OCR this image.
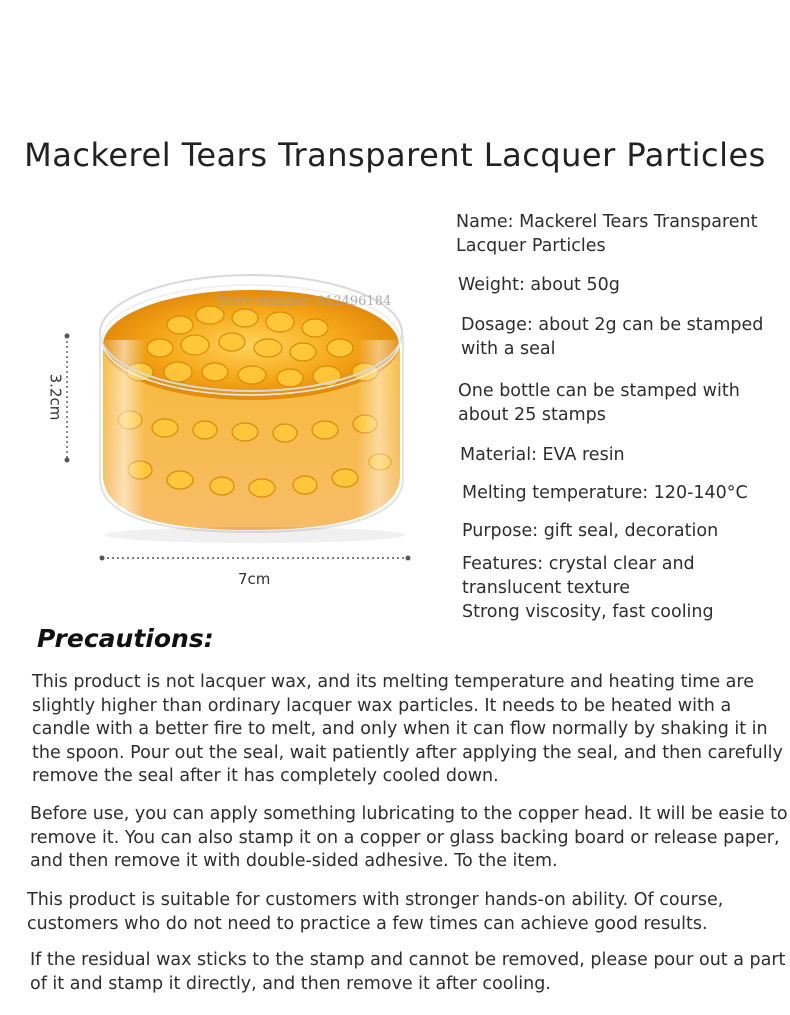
Mackerel Tears Transparent Lacquer Particles
Store number: 912496184
3.2cm
7cm
Name: Mackerel Tears Transparent
Lacquer Particles
Weight: about 50g
Dosage: about 2g can be stamped
with a seal
One bottle can be stamped with
about 25 stamps
Material: EVA resin
Melting temperature: 120-140°C
Purpose: gift seal, decoration
Features: crystal clear and
translucent texture
Strong viscosity, fast cooling
Precautions:
This product is not lacquer wax, and its melting temperature and heating time are slightly higher than ordinary lacquer wax particles. It needs to be heated with a candle with a better fire to melt, and only when it can flow normally by shaking it in the spoon. Pour out the seal, wait patiently after applying the seal, and then carefully remove the seal after it has completely cooled down.
Before use, you can apply something lubricating to the copper head. It will be easie to remove it. You can also stamp it on a copper or glass backing board or release paper, and then remove it with double-sided adhesive. To the item.
This product is suitable for customers with stronger hands-on ability. Of course, customers who do not need to practice a few times can achieve good results.
If the residual wax sticks to the stamp and cannot be removed, please pour out a part of it and stamp it directly, and then remove it after cooling.
